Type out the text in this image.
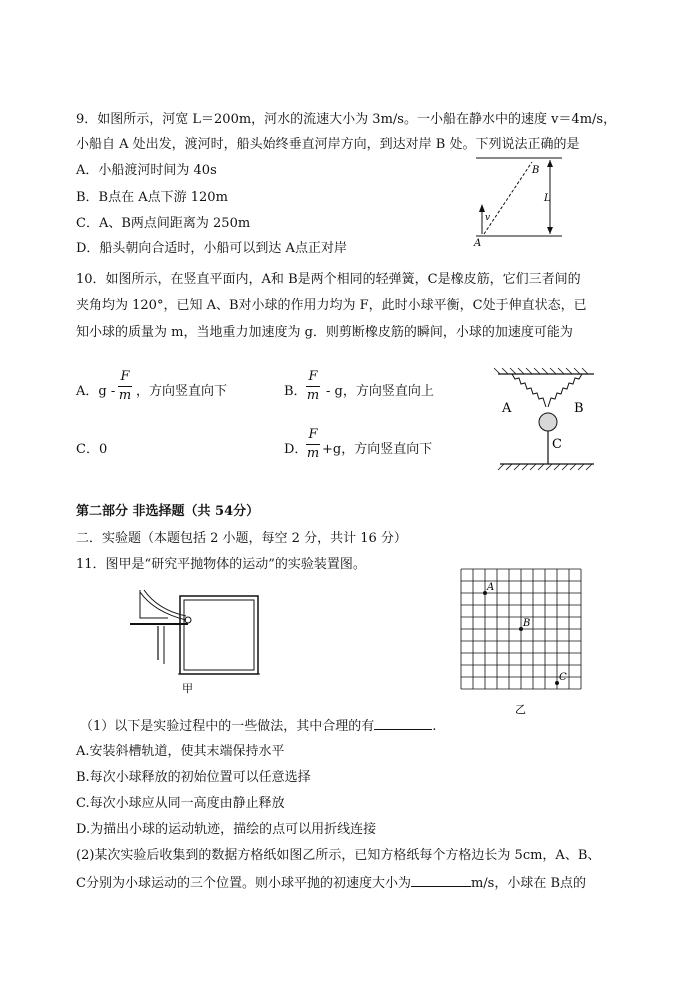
9．如图所示，河宽 L＝200m，河水的流速大小为 3m/s。一小船在静水中的速度 v＝4m/s，
小船自 A 处出发，渡河时，船头始终垂直河岸方向，到达对岸 B 处。下列说法正确的是
A．小船渡河时间为 40s
B．B点在 A点下游 120m
C．A、B两点间距离为 250m
D．船头朝向合适时，小船可以到达 A点正对岸
B
L
v
A
10．如图所示，在竖直平面内，A和 B是两个相同的轻弹簧，C是橡皮筋，它们三者间的
夹角均为 120°，已知 A、B对小球的作用力均为 F，此时小球平衡，C处于伸直状态，已
知小球的质量为 m，当地重力加速度为 g．则剪断橡皮筋的瞬间，小球的加速度可能为
A．g -
F
m ，方向竖直向下	B．
F
m - g，方向竖直向上
C．0	D．
F
m +g，方向竖直向下
A	B
C
第二部分 非选择题（共 54分）
二．实验题（本题包括 2 小题，每空 2 分，共计 16 分）
11．图甲是“研究平抛物体的运动”的实验装置图。
甲
A
B
C
乙
（1）以下是实验过程中的一些做法，其中合理的有	.
A.安装斜槽轨道，使其末端保持水平
B.每次小球释放的初始位置可以任意选择
C.每次小球应从同一高度由静止释放
D.为描出小球的运动轨迹，描绘的点可以用折线连接
(2)某次实验后收集到的数据方格纸如图乙所示，已知方格纸每个方格边长为 5cm，A、B、
C分别为小球运动的三个位置。则小球平抛的初速度大小为	m/s，小球在 B点的
